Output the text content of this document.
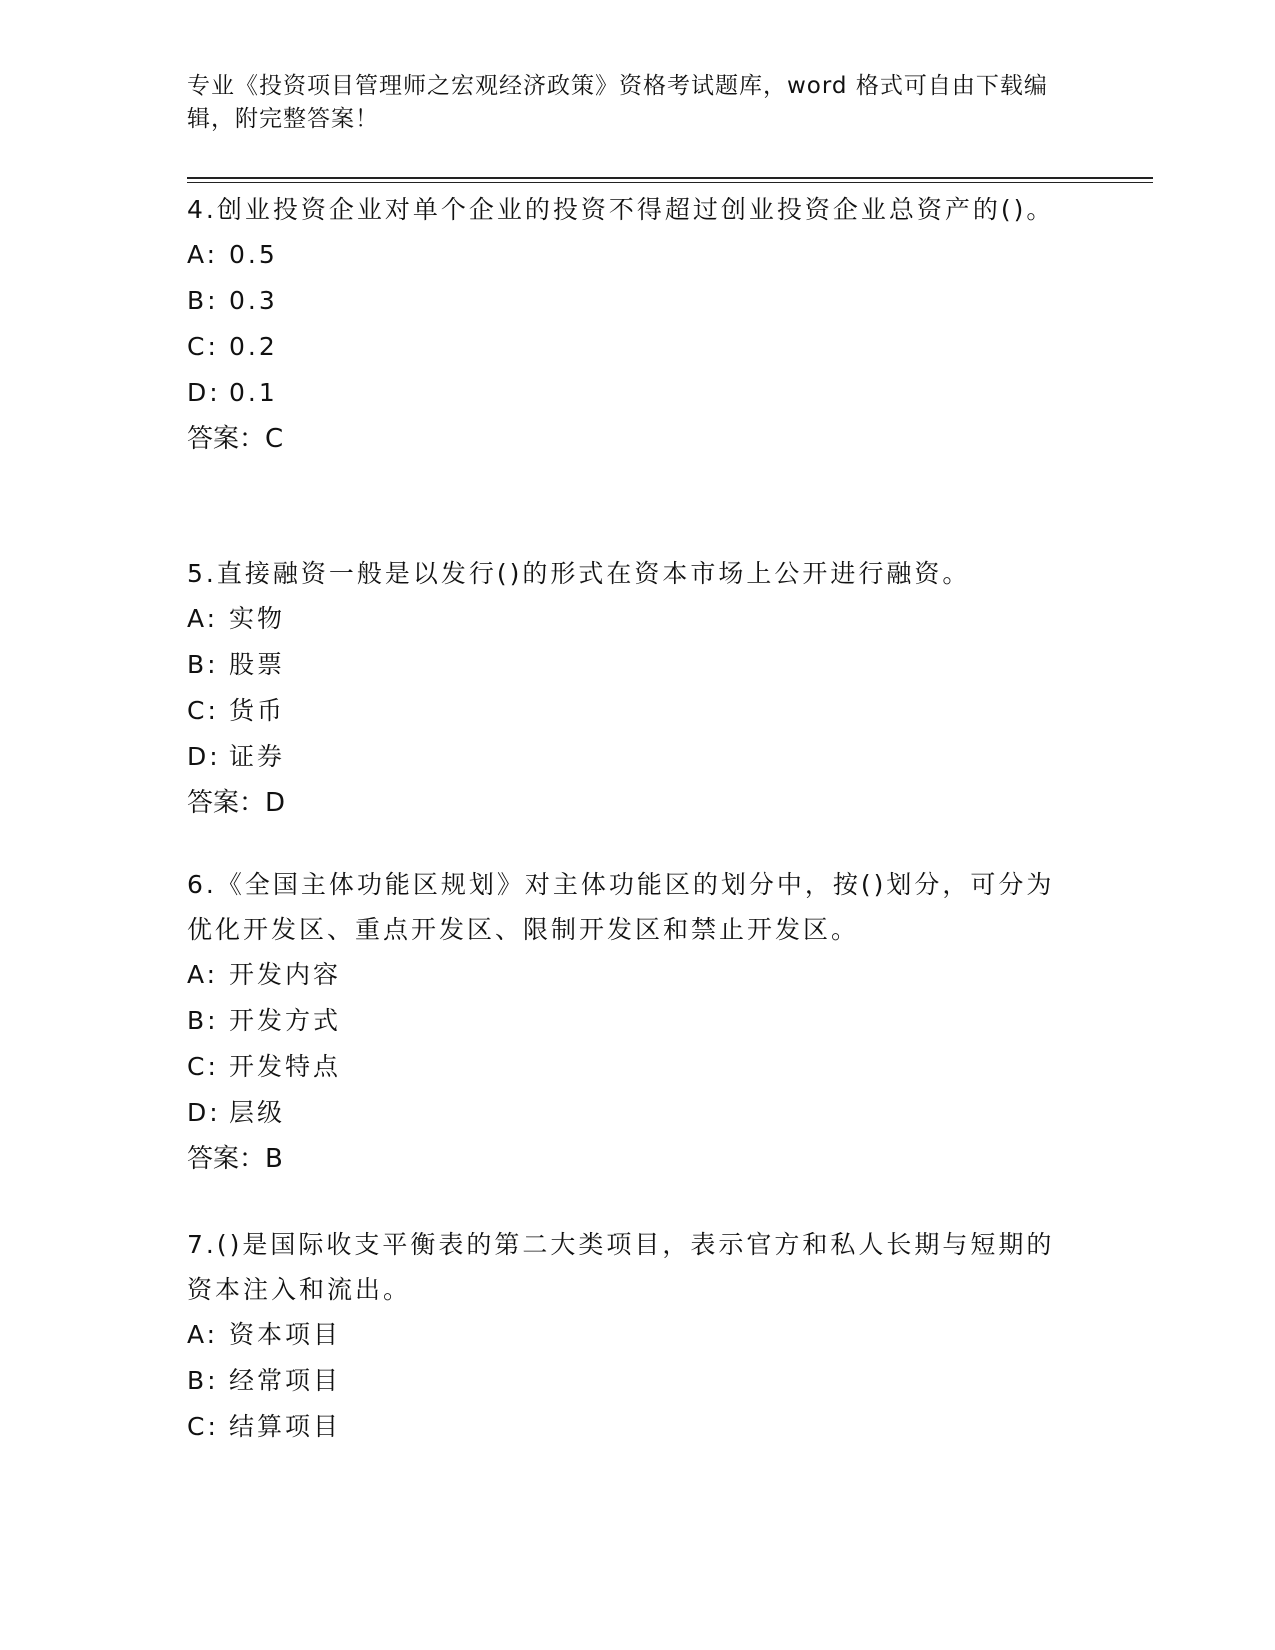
专业《投资项目管理师之宏观经济政策》资格考试题库，word 格式可自由下载编辑，附完整答案！

4.创业投资企业对单个企业的投资不得超过创业投资企业总资产的()。

A: 0.5
B: 0.3
C: 0.2
D: 0.1
答案：C

5.直接融资一般是以发行()的形式在资本市场上公开进行融资。

A: 实物
B: 股票
C: 货币
D: 证券
答案：D

6.《全国主体功能区规划》对主体功能区的划分中，按()划分，可分为优化开发区、重点开发区、限制开发区和禁止开发区。

A: 开发内容
B: 开发方式
C: 开发特点
D: 层级
答案：B

7.()是国际收支平衡表的第二大类项目，表示官方和私人长期与短期的资本注入和流出。

A: 资本项目
B: 经常项目
C: 结算项目
